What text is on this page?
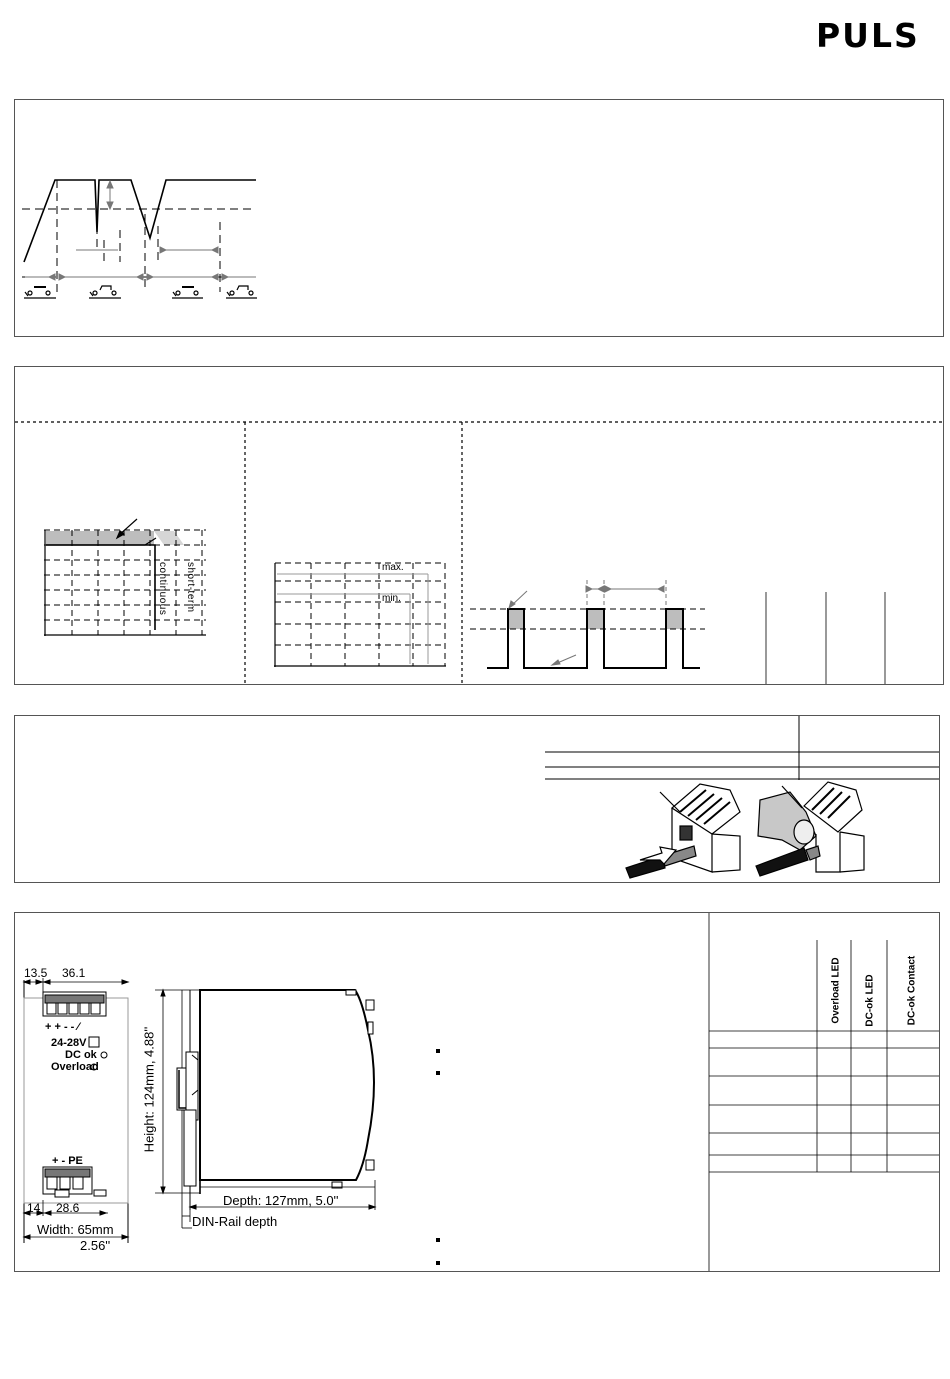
PULS
continuous short-term	max.
min.
13.5 36.1
+ + - - ⁄
24-28V
DC ok
Overload
+ - PE
14 28.6
Width: 65mm
2.56''
Height: 124mm, 4.88''
Depth: 127mm, 5.0''
DIN-Rail depth
Overload LED DC-ok LED	DC-ok Contact
